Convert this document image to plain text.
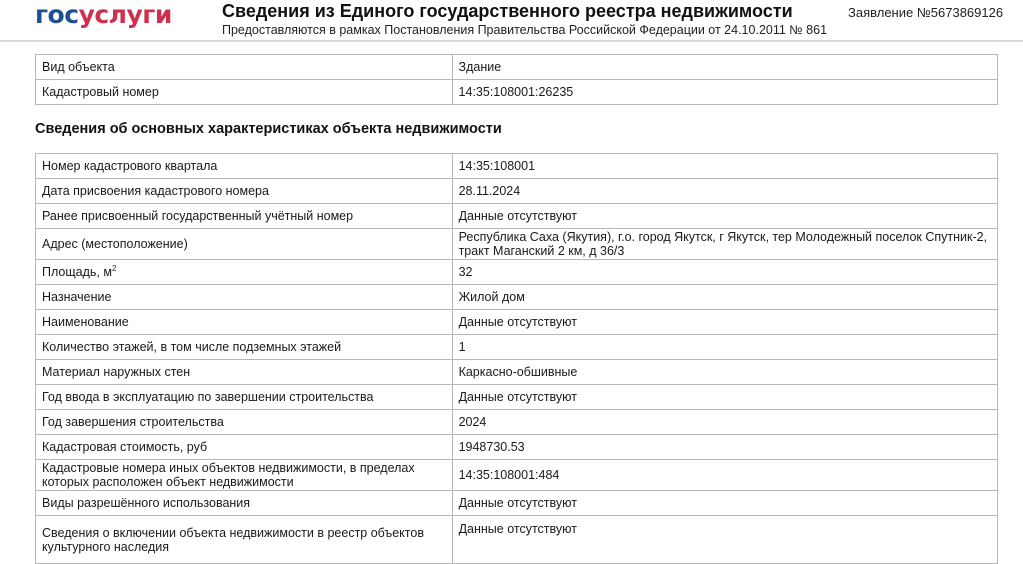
госуслуги	Сведения из Единого государственного реестра недвижимости
Предоставляются в рамках Постановления Правительства Российской Федерации от 24.10.2011 № 861
Заявление №5673869126
Вид объекта	Здание
Кадастровый номер	14:35:108001:26235
Сведения об основных характеристиках объекта недвижимости
Номер кадастрового квартала	14:35:108001
Дата присвоения кадастрового номера	28.11.2024
Ранее присвоенный государственный учётный номер	Данные отсутствуют
Адрес (местоположение)	Республика Саха (Якутия), г.о. город Якутск, г Якутск, тер Молодежный поселок Спутник-2, тракт Маганский 2 км, д 36/3
Площадь, $м^2$	32
Назначение	Жилой дом
Наименование	Данные отсутствуют
Количество этажей, в том числе подземных этажей	1
Материал наружных стен	Каркасно-обшивные
Год ввода в эксплуатацию по завершении строительства	Данные отсутствуют
Год завершения строительства	2024
Кадастровая стоимость, руб	1948730.53
Кадастровые номера иных объектов недвижимости, в пределах которых расположен объект недвижимости	14:35:108001:484
Виды разрешённого использования	Данные отсутствуют
Сведения о включении объекта недвижимости в реестр объектов культурного наследия	Данные отсутствуют
